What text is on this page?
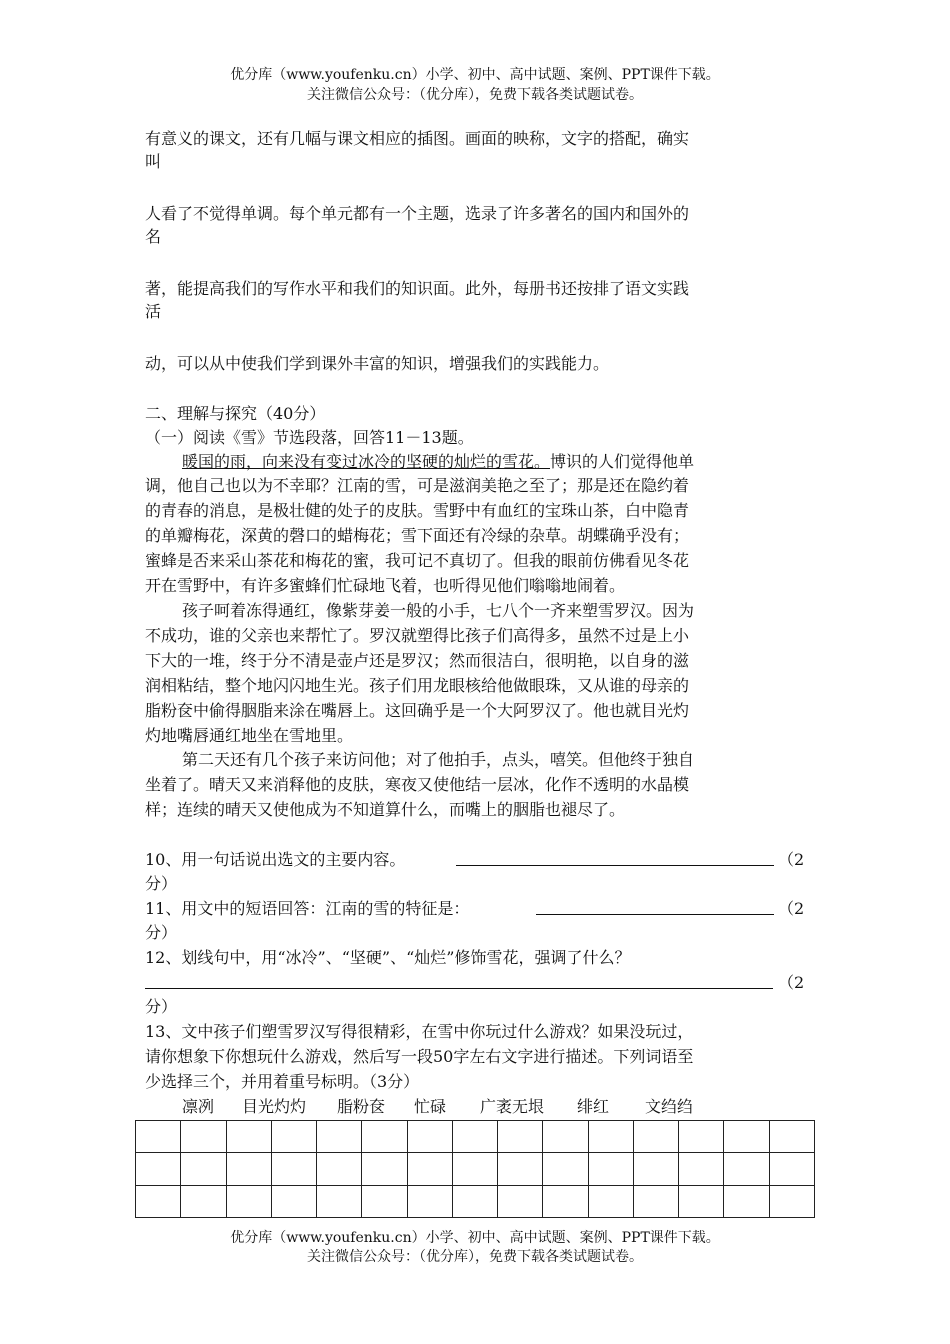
优分库（www.youfenku.cn）小学、初中、高中试题、案例、PPT课件下载。
关注微信公众号：（优分库），免费下载各类试题试卷。
有意义的课文，还有几幅与课文相应的插图。画面的映称，文字的搭配，确实
叫
人看了不觉得单调。每个单元都有一个主题，选录了许多著名的国内和国外的
名
著，能提高我们的写作水平和我们的知识面。此外，每册书还按排了语文实践
活
动，可以从中使我们学到课外丰富的知识，增强我们的实践能力。
二、理解与探究（40分）
（一）阅读《雪》节选段落，回答11－13题。
暖国的雨，向来没有变过冰冷的坚硬的灿烂的雪花。博识的人们觉得他单
调，他自己也以为不幸耶？江南的雪，可是滋润美艳之至了；那是还在隐约着
的青春的消息，是极壮健的处子的皮肤。雪野中有血红的宝珠山茶，白中隐青
的单瓣梅花，深黄的磬口的蜡梅花；雪下面还有冷绿的杂草。胡蝶确乎没有；
蜜蜂是否来采山茶花和梅花的蜜，我可记不真切了。但我的眼前仿佛看见冬花
开在雪野中，有许多蜜蜂们忙碌地飞着，也听得见他们嗡嗡地闹着。
孩子呵着冻得通红，像紫芽姜一般的小手，七八个一齐来塑雪罗汉。因为
不成功，谁的父亲也来帮忙了。罗汉就塑得比孩子们高得多，虽然不过是上小
下大的一堆，终于分不清是壶卢还是罗汉；然而很洁白，很明艳，以自身的滋
润相粘结，整个地闪闪地生光。孩子们用龙眼核给他做眼珠，又从谁的母亲的
脂粉奁中偷得胭脂来涂在嘴唇上。这回确乎是一个大阿罗汉了。他也就目光灼
灼地嘴唇通红地坐在雪地里。
第二天还有几个孩子来访问他；对了他拍手，点头，嘻笑。但他终于独自
坐着了。晴天又来消释他的皮肤，寒夜又使他结一层冰，化作不透明的水晶模
样；连续的晴天又使他成为不知道算什么，而嘴上的胭脂也褪尽了。
10、用一句话说出选文的主要内容。	（2
分）
11、用文中的短语回答：江南的雪的特征是：	（2
分）
12、划线句中，用“冰冷”、“坚硬”、“灿烂”修饰雪花，强调了什么？
（2
分）
13、文中孩子们塑雪罗汉写得很精彩，在雪中你玩过什么游戏？如果没玩过，
请你想象下你想玩什么游戏，然后写一段50字左右文字进行描述。下列词语至
少选择三个，并用着重号标明。（3分）
凛冽 目光灼灼 脂粉奁 忙碌 广袤无垠 绯红 文绉绉

优分库（www.youfenku.cn）小学、初中、高中试题、案例、PPT课件下载。
关注微信公众号：（优分库），免费下载各类试题试卷。
